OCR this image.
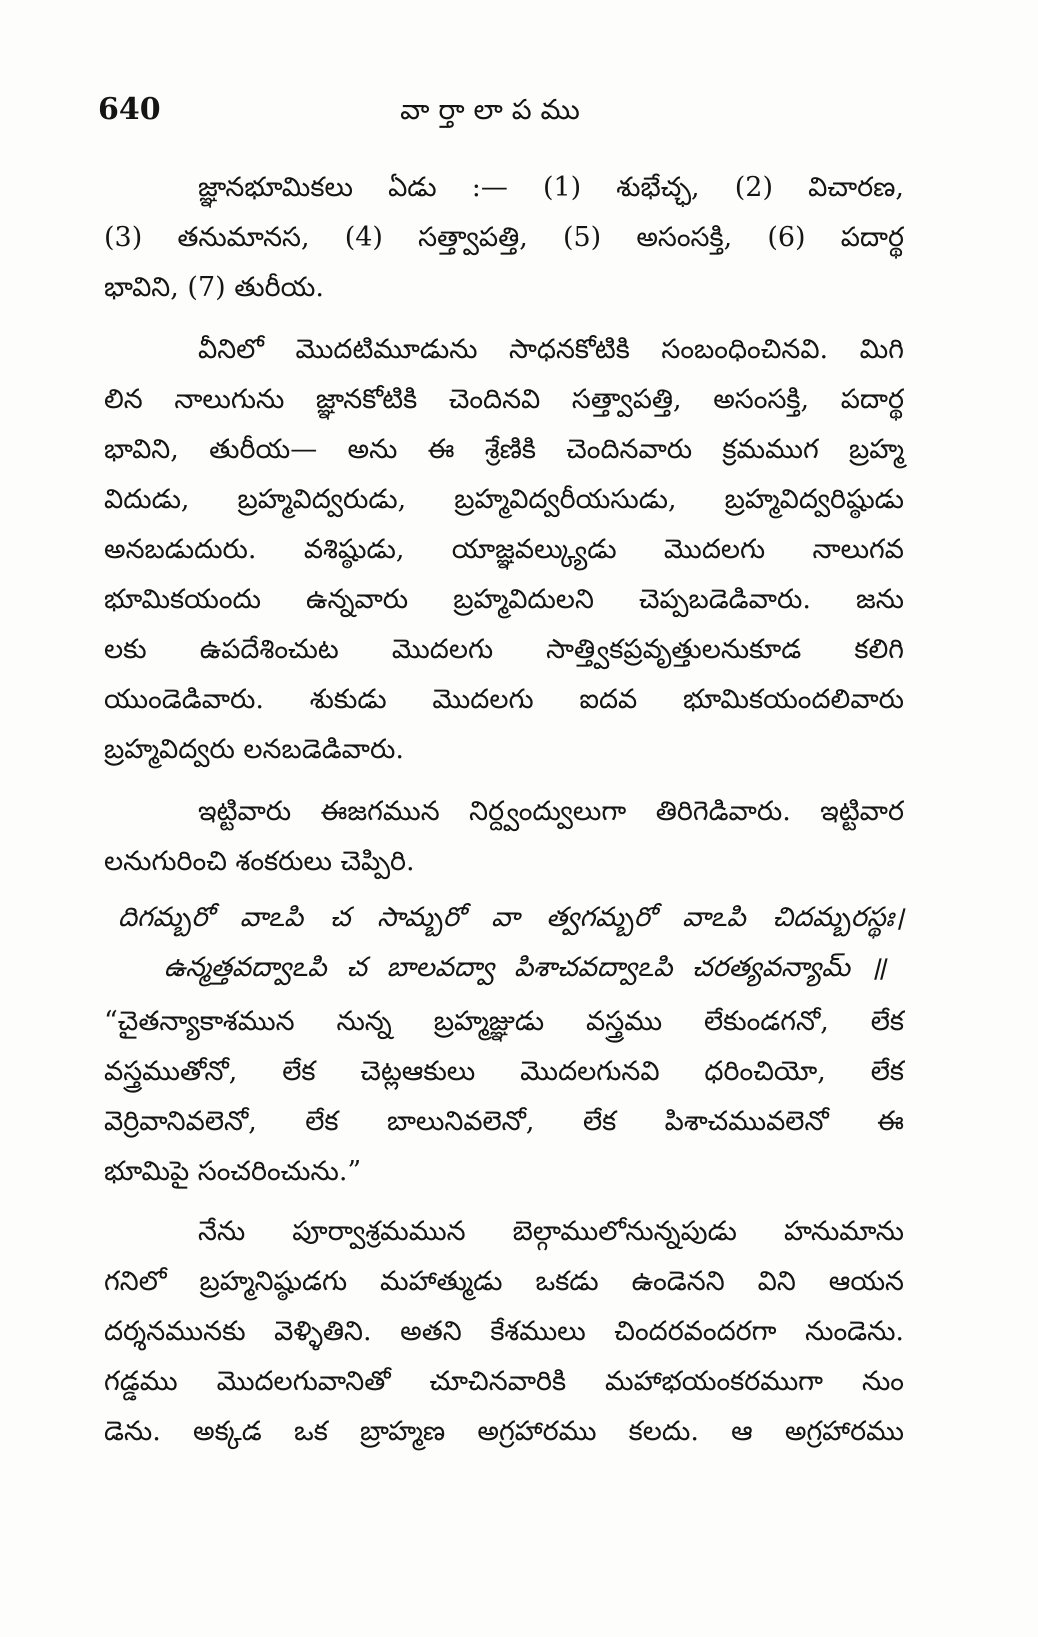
640	వా ర్తా లా ప ము
జ్ఞానభూమికలు ఏడు :— (1) శుభేచ్ఛ, (2) విచారణ,
(3) తనుమానస, (4) సత్త్వాపత్తి, (5) అసంసక్తి, (6) పదార్థ
భావిని, (7) తురీయ.
వీనిలో మొదటిమూడును సాధనకోటికి సంబంధించినవి. మిగి
లిన నాలుగును జ్ఞానకోటికి చెందినవి సత్త్వాపత్తి, అసంసక్తి, పదార్థ
భావిని, తురీయ— అను ఈ శ్రేణికి చెందినవారు క్రమముగ బ్రహ్మ
విదుడు, బ్రహ్మవిద్వరుడు, బ్రహ్మవిద్వరీయసుడు, బ్రహ్మవిద్వరిష్ఠుడు
అనబడుదురు. వశిష్ఠుడు, యాజ్ఞవల్క్యుడు మొదలగు నాలుగవ
భూమికయందు ఉన్నవారు బ్రహ్మవిదులని చెప్పబడెడివారు. జను
లకు ఉపదేశించుట మొదలగు సాత్త్వికప్రవృత్తులనుకూడ కలిగి
యుండెడివారు. శుకుడు మొదలగు ఐదవ భూమికయందలివారు
బ్రహ్మవిద్వరు లనబడెడివారు.
ఇట్టివారు ఈజగమున నిర్ద్వంద్వులుగా తిరిగెడివారు. ఇట్టివార
లనుగురించి శంకరులు చెప్పిరి.
దిగమ్బరో వాఽపి చ సామ్బరో వా త్వగమ్బరో వాఽపి చిదమ్బరస్థః।
ఉన్మత్తవద్వాఽపి చ బాలవద్వా పిశాచవద్వాఽపి చరత్యవన్యామ్ ॥
“చైతన్యాకాశమున నున్న బ్రహ్మజ్ఞుడు వస్త్రము లేకుండగనో, లేక
వస్త్రముతోనో, లేక చెట్లఆకులు మొదలగునవి ధరించియో, లేక
వెర్రివానివలెనో, లేక బాలునివలెనో, లేక పిశాచమువలెనో ఈ
భూమిపై సంచరించును.”
నేను పూర్వాశ్రమమున బెల్గాములోనున్నపుడు హనుమాను
గనిలో బ్రహ్మనిష్ఠుడగు మహాత్ముడు ఒకడు ఉండెనని విని ఆయన
దర్శనమునకు వెళ్ళితిని. అతని కేశములు చిందరవందరగా నుండెను.
గడ్డము మొదలగువానితో చూచినవారికి మహాభయంకరముగా నుం
డెను. అక్కడ ఒక బ్రాహ్మణ అగ్రహారము కలదు. ఆ అగ్రహారము
